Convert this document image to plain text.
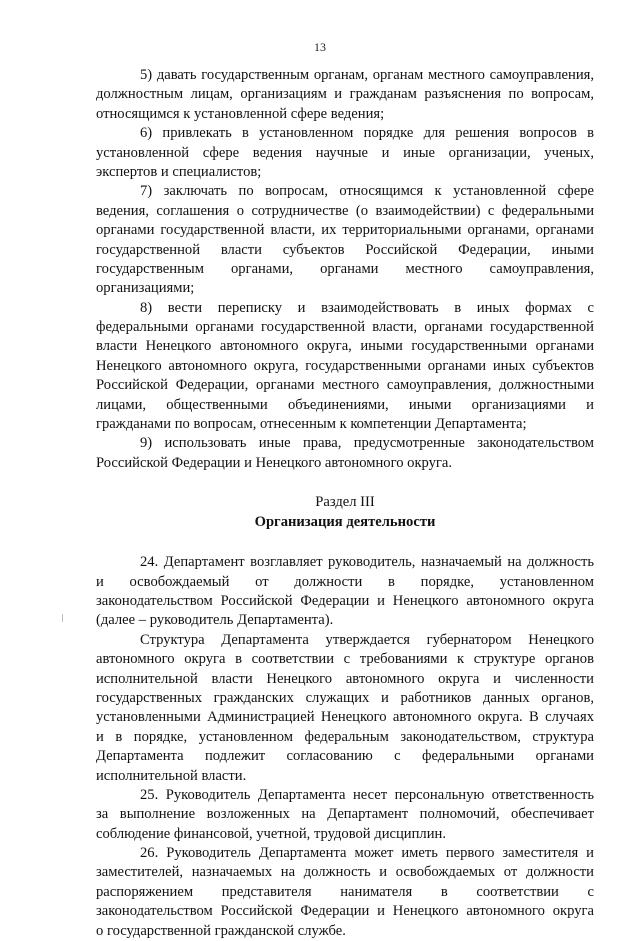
13
5) давать государственным органам, органам местного самоуправления,
должностным лицам, организациям и гражданам разъяснения по вопросам,
относящимся к установленной сфере ведения;
6) привлекать в установленном порядке для решения вопросов в
установленной сфере ведения научные и иные организации, ученых,
экспертов и специалистов;
7) заключать по вопросам, относящимся к установленной сфере
ведения, соглашения о сотрудничестве (о взаимодействии) с федеральными
органами государственной власти, их территориальными органами, органами
государственной власти субъектов Российской Федерации, иными
государственным органами, органами местного самоуправления,
организациями;
8) вести переписку и взаимодействовать в иных формах с
федеральными органами государственной власти, органами государственной
власти Ненецкого автономного округа, иными государственными органами
Ненецкого автономного округа, государственными органами иных субъектов
Российской Федерации, органами местного самоуправления, должностными
лицами, общественными объединениями, иными организациями и
гражданами по вопросам, отнесенным к компетенции Департамента;
9) использовать иные права, предусмотренные законодательством
Российской Федерации и Ненецкого автономного округа.
Раздел III
Организация деятельности
24. Департамент возглавляет руководитель, назначаемый на должность
и освобождаемый от должности в порядке, установленном
законодательством Российской Федерации и Ненецкого автономного округа
(далее – руководитель Департамента).
Структура Департамента утверждается губернатором Ненецкого
автономного округа в соответствии с требованиями к структуре органов
исполнительной власти Ненецкого автономного округа и численности
государственных гражданских служащих и работников данных органов,
установленными Администрацией Ненецкого автономного округа. В случаях
и в порядке, установленном федеральным законодательством, структура
Департамента подлежит согласованию с федеральными органами
исполнительной власти.
25. Руководитель Департамента несет персональную ответственность
за выполнение возложенных на Департамент полномочий, обеспечивает
соблюдение финансовой, учетной, трудовой дисциплин.
26. Руководитель Департамента может иметь первого заместителя и
заместителей, назначаемых на должность и освобождаемых от должности
распоряжением представителя нанимателя в соответствии с
законодательством Российской Федерации и Ненецкого автономного округа
о государственной гражданской службе.
